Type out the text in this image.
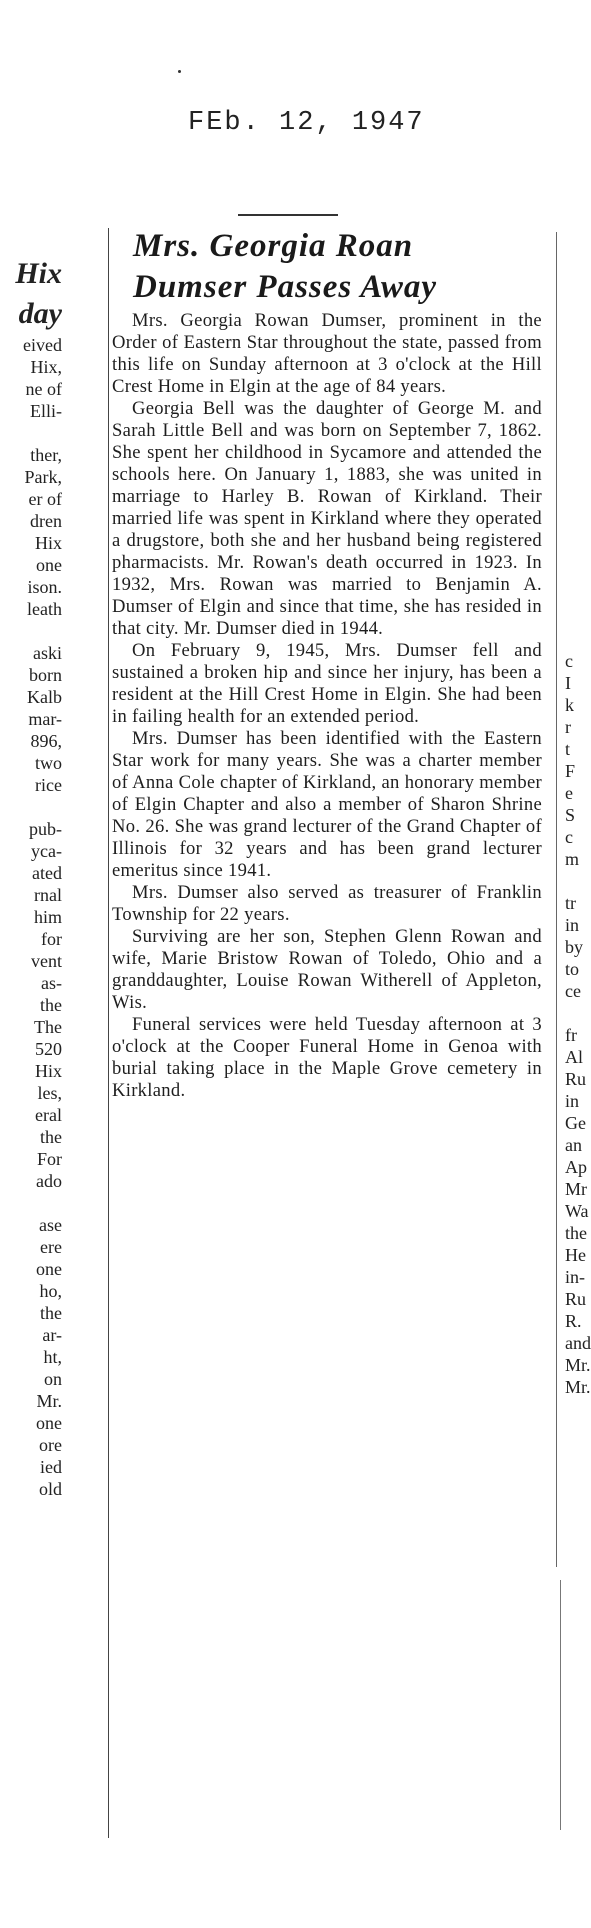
FEb. 12, 1947
Hix
day
eived
Hix,
ne of
Elli-

ther,
Park,
er of
dren
Hix
one
ison.
leath

aski
born
Kalb
mar-
896,
two
rice

pub-
yca-
ated
rnal
him
for
vent
as-
the
The
520
Hix
les,
eral
the
For
ado

ase
ere
one
ho,
the
ar-
ht,
on
Mr.
one
ore
ied
old
Mrs. Georgia Roan
Dumser Passes Away

Mrs. Georgia Rowan Dumser, prominent in the Order of Eastern Star throughout the state, passed from this life on Sunday afternoon at 3 o'clock at the Hill Crest Home in Elgin at the age of 84 years.

Georgia Bell was the daughter of George M. and Sarah Little Bell and was born on September 7, 1862. She spent her childhood in Sycamore and attended the schools here. On January 1, 1883, she was united in marriage to Harley B. Rowan of Kirkland. Their married life was spent in Kirkland where they operated a drugstore, both she and her husband being registered pharmacists. Mr. Rowan's death occurred in 1923. In 1932, Mrs. Rowan was married to Benjamin A. Dumser of Elgin and since that time, she has resided in that city. Mr. Dumser died in 1944.

On February 9, 1945, Mrs. Dumser fell and sustained a broken hip and since her injury, has been a resident at the Hill Crest Home in Elgin. She had been in failing health for an extended period.

Mrs. Dumser has been identified with the Eastern Star work for many years. She was a charter member of Anna Cole chapter of Kirkland, an honorary member of Elgin Chapter and also a member of Sharon Shrine No. 26. She was grand lecturer of the Grand Chapter of Illinois for 32 years and has been grand lecturer emeritus since 1941.

Mrs. Dumser also served as treasurer of Franklin Township for 22 years.

Surviving are her son, Stephen Glenn Rowan and wife, Marie Bristow Rowan of Toledo, Ohio and a granddaughter, Louise Rowan Witherell of Appleton, Wis.

Funeral services were held Tuesday afternoon at 3 o'clock at the Cooper Funeral Home in Genoa with burial taking place in the Maple Grove cemetery in Kirkland.

c
I
k
r
t
F
e
S
c
m

tr
in
by
to
ce

fr
Al
Ru
in
Ge
an
Ap
Mr
Wa
the
He
in-
Ru
R.
and
Mr.
Mr.
